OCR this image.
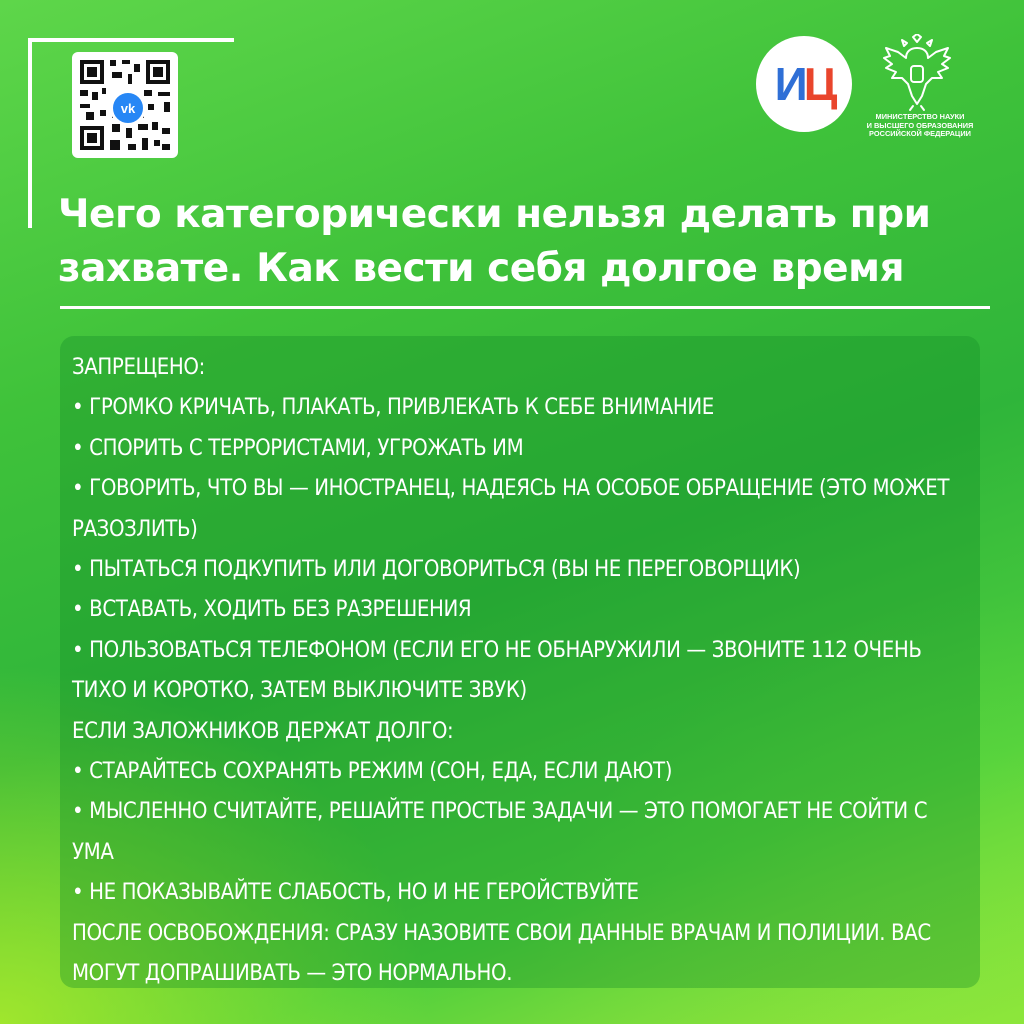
vk	ИЦ
МИНИСТЕРСТВО НАУКИ
И ВЫСШЕГО ОБРАЗОВАНИЯ
РОССИЙСКОЙ ФЕДЕРАЦИИ
Чего категорически нельзя делать при
захвате. Как вести себя долгое время
ЗАПРЕЩЕНО:
• ГРОМКО КРИЧАТЬ, ПЛАКАТЬ, ПРИВЛЕКАТЬ К СЕБЕ ВНИМАНИЕ
• СПОРИТЬ С ТЕРРОРИСТАМИ, УГРОЖАТЬ ИМ
• ГОВОРИТЬ, ЧТО ВЫ — ИНОСТРАНЕЦ, НАДЕЯСЬ НА ОСОБОЕ ОБРАЩЕНИЕ (ЭТО МОЖЕТ
РАЗОЗЛИТЬ)
• ПЫТАТЬСЯ ПОДКУПИТЬ ИЛИ ДОГОВОРИТЬСЯ (ВЫ НЕ ПЕРЕГОВОРЩИК)
• ВСТАВАТЬ, ХОДИТЬ БЕЗ РАЗРЕШЕНИЯ
• ПОЛЬЗОВАТЬСЯ ТЕЛЕФОНОМ (ЕСЛИ ЕГО НЕ ОБНАРУЖИЛИ — ЗВОНИТЕ 112 ОЧЕНЬ
ТИХО И КОРОТКО, ЗАТЕМ ВЫКЛЮЧИТЕ ЗВУК)
ЕСЛИ ЗАЛОЖНИКОВ ДЕРЖАТ ДОЛГО:
• СТАРАЙТЕСЬ СОХРАНЯТЬ РЕЖИМ (СОН, ЕДА, ЕСЛИ ДАЮТ)
• МЫСЛЕННО СЧИТАЙТЕ, РЕШАЙТЕ ПРОСТЫЕ ЗАДАЧИ — ЭТО ПОМОГАЕТ НЕ СОЙТИ С
УМА
• НЕ ПОКАЗЫВАЙТЕ СЛАБОСТЬ, НО И НЕ ГЕРОЙСТВУЙТЕ
ПОСЛЕ ОСВОБОЖДЕНИЯ: СРАЗУ НАЗОВИТЕ СВОИ ДАННЫЕ ВРАЧАМ И ПОЛИЦИИ. ВАС
МОГУТ ДОПРАШИВАТЬ — ЭТО НОРМАЛЬНО.
